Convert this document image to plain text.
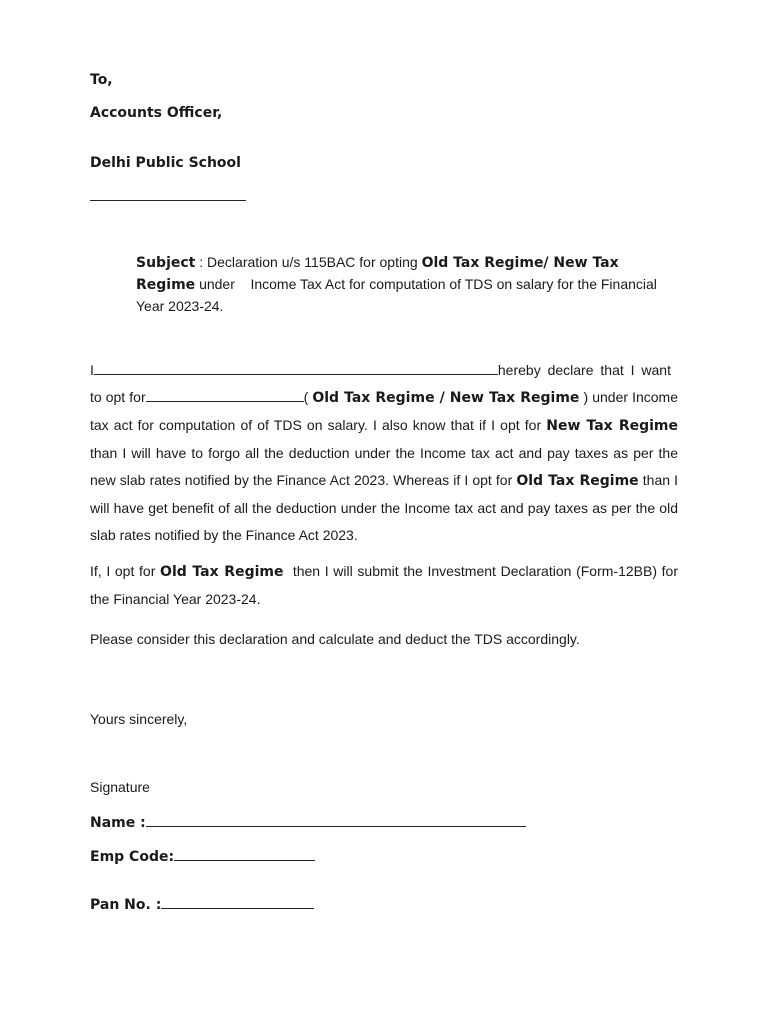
To,
Accounts Officer,
Delhi Public School
Subject : Declaration u/s 115BAC for opting Old Tax Regime/ New Tax Regime under    Income Tax Act for computation of TDS on salary for the Financial Year 2023-24.
I	hereby declare that I want
to opt for	( Old Tax Regime / New Tax Regime ) under Income tax act for computation of of TDS on salary. I also know that if I opt for New Tax Regime than I will have to forgo all the deduction under the Income tax act and pay taxes as per the new slab rates notified by the Finance Act 2023. Whereas if I opt for Old Tax Regime than I will have get benefit of all the deduction under the Income tax act and pay taxes as per the old slab rates notified by the Finance Act 2023.
If, I opt for Old Tax Regime  then I will submit the Investment Declaration (Form-12BB) for the Financial Year 2023-24.
Please consider this declaration and calculate and deduct the TDS accordingly.
Yours sincerely,
Signature
Name :
Emp Code:
Pan No. :
